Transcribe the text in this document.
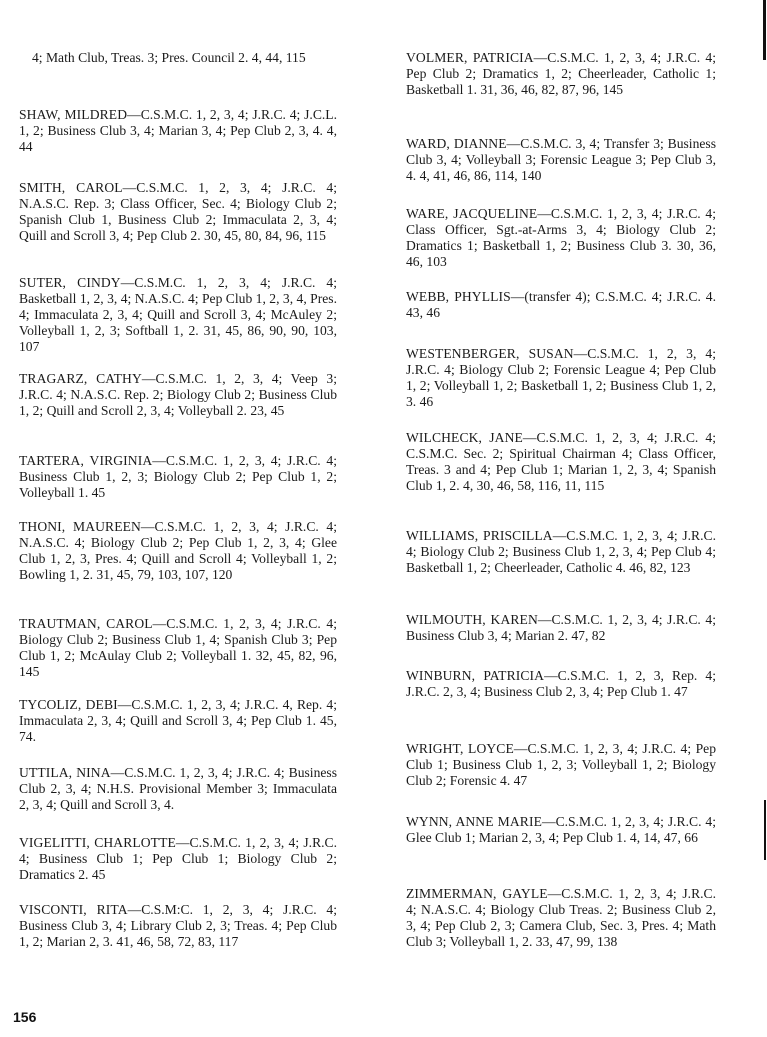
4; Math Club, Treas. 3; Pres. Council 2. 4, 44, 115

SHAW, MILDRED—C.S.M.C. 1, 2, 3, 4; J.R.C. 4; J.C.L. 1, 2; Business Club 3, 4; Marian 3, 4; Pep Club 2, 3, 4. 4, 44

SMITH, CAROL—C.S.M.C. 1, 2, 3, 4; J.R.C. 4; N.A.S.C. Rep. 3; Class Officer, Sec. 4; Biology Club 2; Spanish Club 1, Business Club 2; Immaculata 2, 3, 4; Quill and Scroll 3, 4; Pep Club 2. 30, 45, 80, 84, 96, 115

SUTER, CINDY—C.S.M.C. 1, 2, 3, 4; J.R.C. 4; Basketball 1, 2, 3, 4; N.A.S.C. 4; Pep Club 1, 2, 3, 4, Pres. 4; Immaculata 2, 3, 4; Quill and Scroll 3, 4; McAuley 2; Volleyball 1, 2, 3; Softball 1, 2. 31, 45, 86, 90, 90, 103, 107

TRAGARZ, CATHY—C.S.M.C. 1, 2, 3, 4; Veep 3; J.R.C. 4; N.A.S.C. Rep. 2; Biology Club 2; Business Club 1, 2; Quill and Scroll 2, 3, 4; Volleyball 2. 23, 45

TARTERA, VIRGINIA—C.S.M.C. 1, 2, 3, 4; J.R.C. 4; Business Club 1, 2, 3; Biology Club 2; Pep Club 1, 2; Volleyball 1. 45

THONI, MAUREEN—C.S.M.C. 1, 2, 3, 4; J.R.C. 4; N.A.S.C. 4; Biology Club 2; Pep Club 1, 2, 3, 4; Glee Club 1, 2, 3, Pres. 4; Quill and Scroll 4; Volleyball 1, 2; Bowling 1, 2. 31, 45, 79, 103, 107, 120

TRAUTMAN, CAROL—C.S.M.C. 1, 2, 3, 4; J.R.C. 4; Biology Club 2; Business Club 1, 4; Spanish Club 3; Pep Club 1, 2; McAulay Club 2; Volleyball 1. 32, 45, 82, 96, 145

TYCOLIZ, DEBI—C.S.M.C. 1, 2, 3, 4; J.R.C. 4, Rep. 4; Immaculata 2, 3, 4; Quill and Scroll 3, 4; Pep Club 1. 45, 74.

UTTILA, NINA—C.S.M.C. 1, 2, 3, 4; J.R.C. 4; Business Club 2, 3, 4; N.H.S. Provisional Member 3; Immaculata 2, 3, 4; Quill and Scroll 3, 4.

VIGELITTI, CHARLOTTE—C.S.M.C. 1, 2, 3, 4; J.R.C. 4; Business Club 1; Pep Club 1; Biology Club 2; Dramatics 2. 45

VISCONTI, RITA—C.S.M:C. 1, 2, 3, 4; J.R.C. 4; Business Club 3, 4; Library Club 2, 3; Treas. 4; Pep Club 1, 2; Marian 2, 3. 41, 46, 58, 72, 83, 117

VOLMER, PATRICIA—C.S.M.C. 1, 2, 3, 4; J.R.C. 4; Pep Club 2; Dramatics 1, 2; Cheerleader, Catholic 1; Basketball 1. 31, 36, 46, 82, 87, 96, 145

WARD, DIANNE—C.S.M.C. 3, 4; Transfer 3; Business Club 3, 4; Volleyball 3; Forensic League 3; Pep Club 3, 4. 4, 41, 46, 86, 114, 140

WARE, JACQUELINE—C.S.M.C. 1, 2, 3, 4; J.R.C. 4; Class Officer, Sgt.-at-Arms 3, 4; Biology Club 2; Dramatics 1; Basketball 1, 2; Business Club 3. 30, 36, 46, 103

WEBB, PHYLLIS—(transfer 4); C.S.M.C. 4; J.R.C. 4. 43, 46

WESTENBERGER, SUSAN—C.S.M.C. 1, 2, 3, 4; J.R.C. 4; Biology Club 2; Forensic League 4; Pep Club 1, 2; Volleyball 1, 2; Basketball 1, 2; Business Club 1, 2, 3. 46

WILCHECK, JANE—C.S.M.C. 1, 2, 3, 4; J.R.C. 4; C.S.M.C. Sec. 2; Spiritual Chairman 4; Class Officer, Treas. 3 and 4; Pep Club 1; Marian 1, 2, 3, 4; Spanish Club 1, 2. 4, 30, 46, 58, 116, 11, 115

WILLIAMS, PRISCILLA—C.S.M.C. 1, 2, 3, 4; J.R.C. 4; Biology Club 2; Business Club 1, 2, 3, 4; Pep Club 4; Basketball 1, 2; Cheerleader, Catholic 4. 46, 82, 123

WILMOUTH, KAREN—C.S.M.C. 1, 2, 3, 4; J.R.C. 4; Business Club 3, 4; Marian 2. 47, 82

WINBURN, PATRICIA—C.S.M.C. 1, 2, 3, Rep. 4; J.R.C. 2, 3, 4; Business Club 2, 3, 4; Pep Club 1. 47

WRIGHT, LOYCE—C.S.M.C. 1, 2, 3, 4; J.R.C. 4; Pep Club 1; Business Club 1, 2, 3; Volleyball 1, 2; Biology Club 2; Forensic 4. 47

WYNN, ANNE MARIE—C.S.M.C. 1, 2, 3, 4; J.R.C. 4; Glee Club 1; Marian 2, 3, 4; Pep Club 1. 4, 14, 47, 66

ZIMMERMAN, GAYLE—C.S.M.C. 1, 2, 3, 4; J.R.C. 4; N.A.S.C. 4; Biology Club Treas. 2; Business Club 2, 3, 4; Pep Club 2, 3; Camera Club, Sec. 3, Pres. 4; Math Club 3; Volleyball 1, 2. 33, 47, 99, 138

156
